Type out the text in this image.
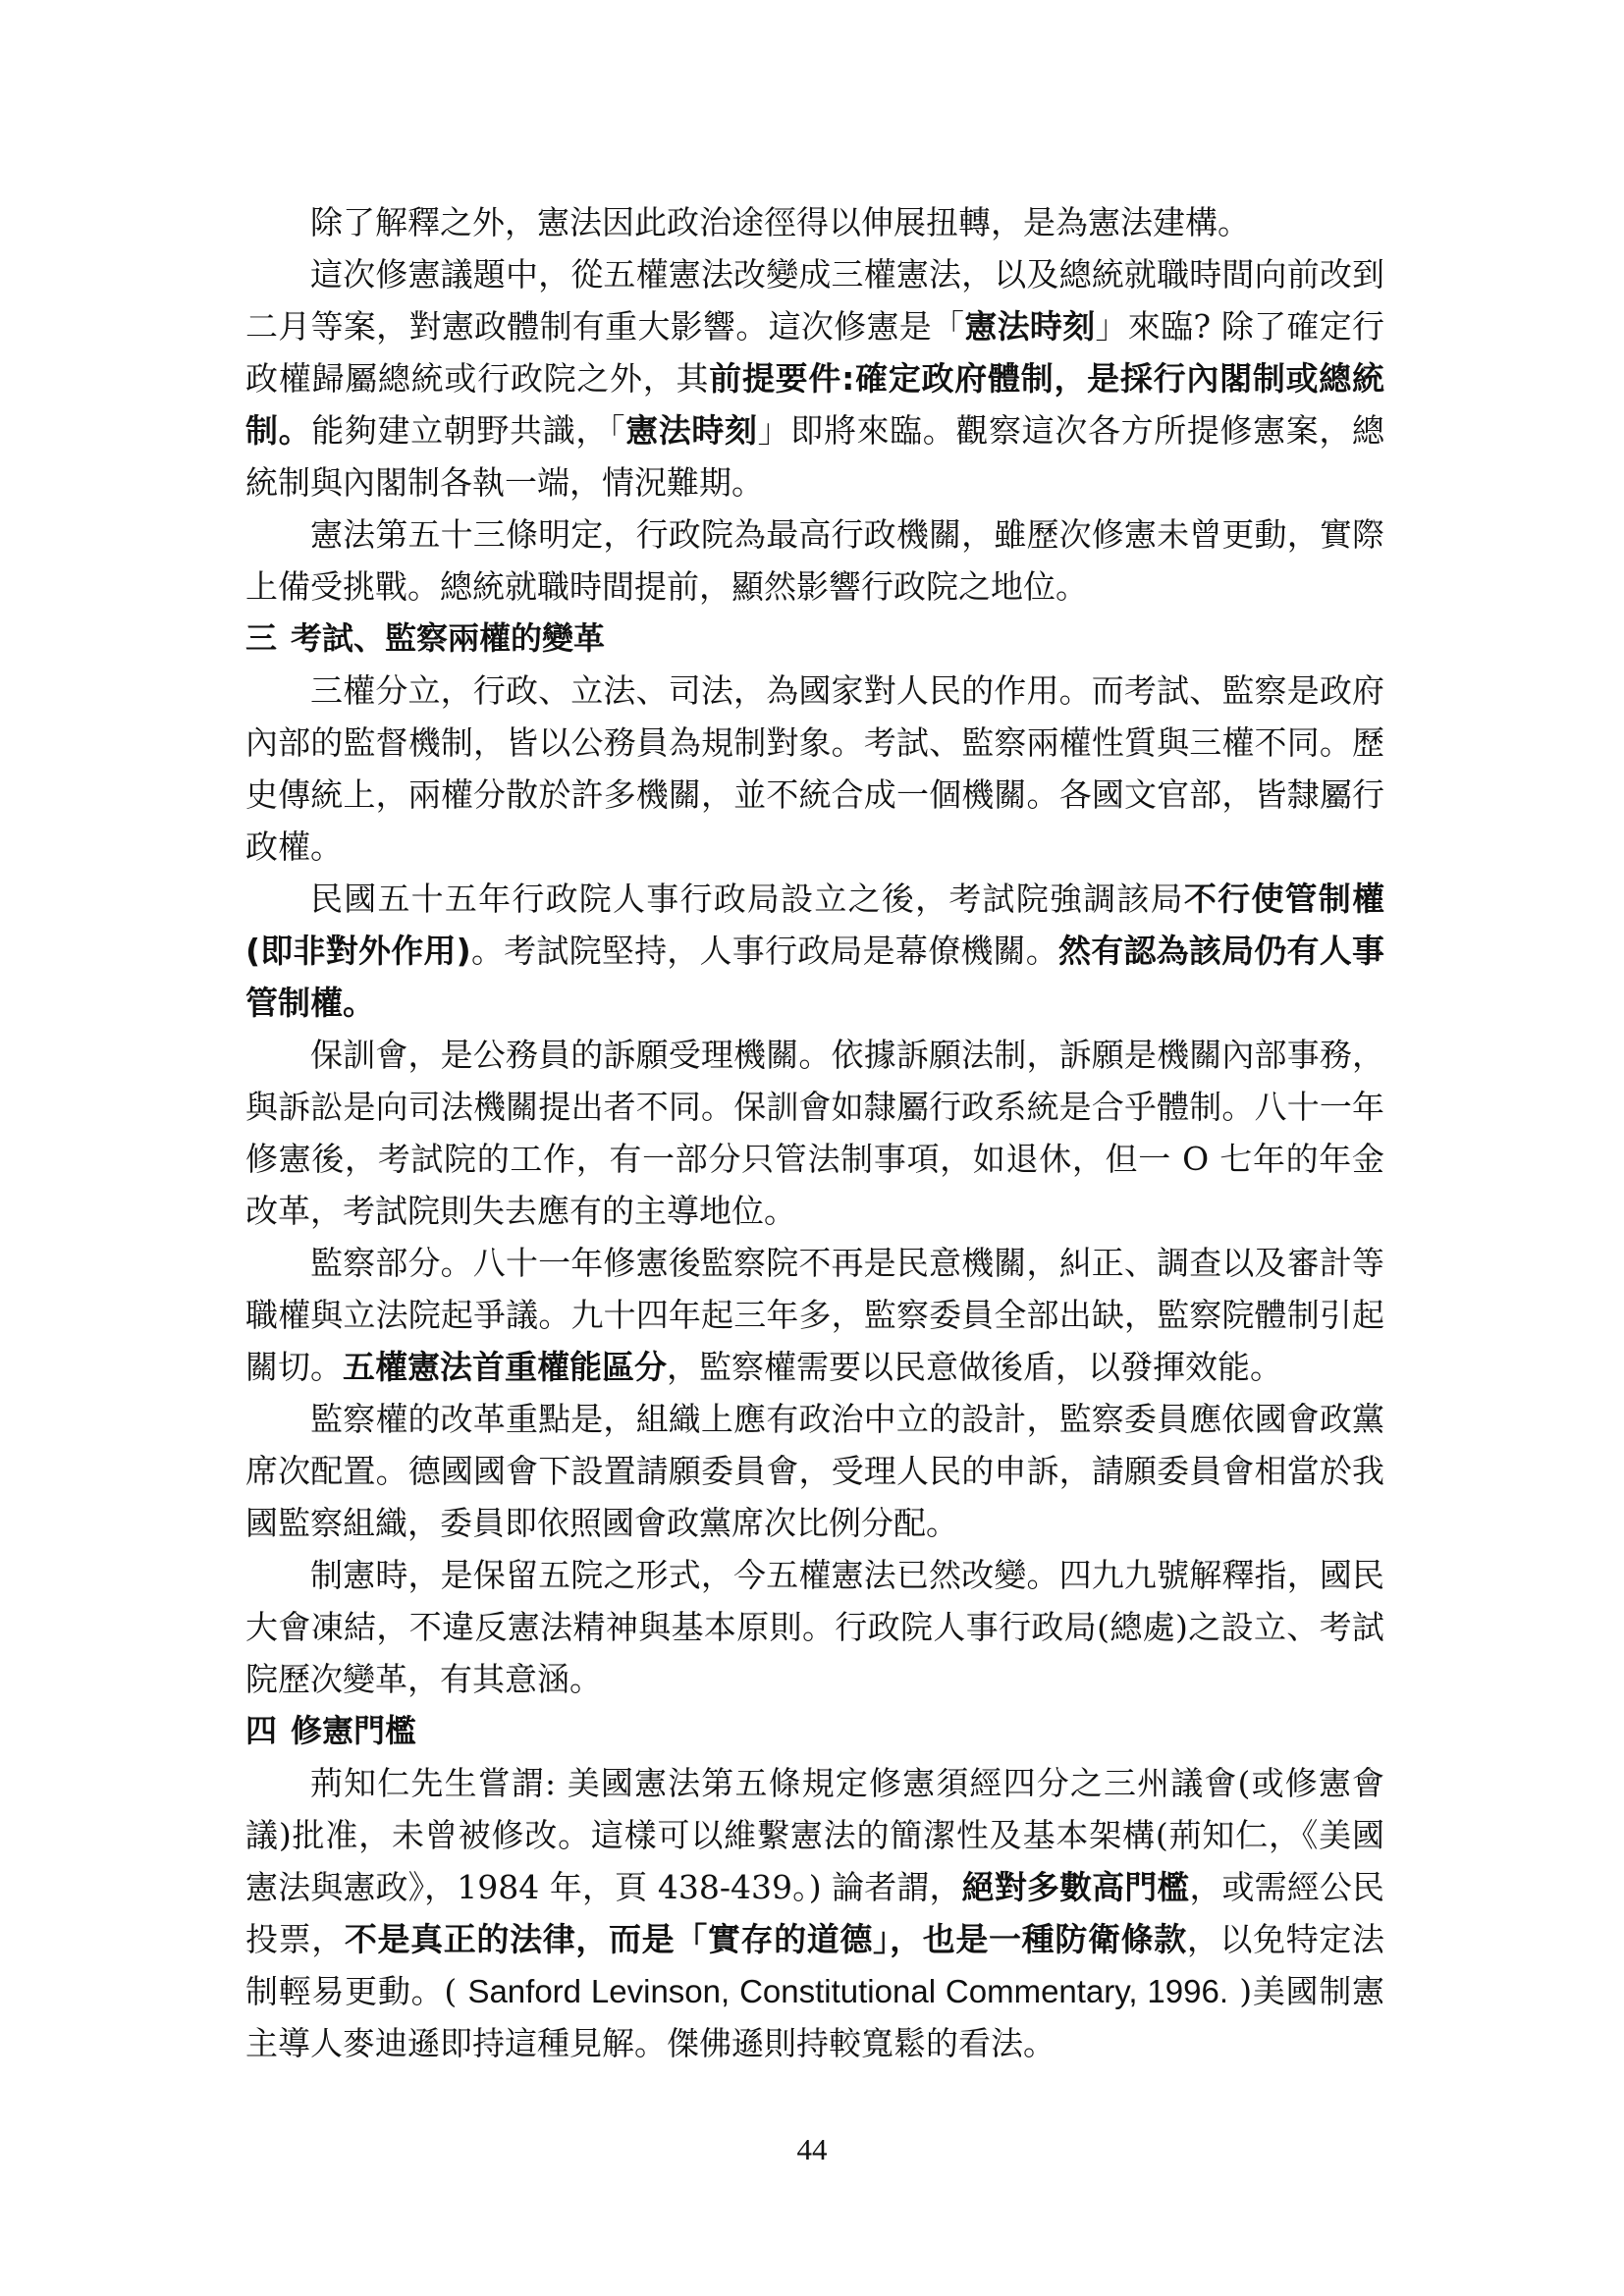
除了解釋之外，憲法因此政治途徑得以伸展扭轉，是為憲法建構。

這次修憲議題中，從五權憲法改變成三權憲法，以及總統就職時間向前改到二月等案，對憲政體制有重大影響。這次修憲是「憲法時刻」來臨? 除了確定行政權歸屬總統或行政院之外，其前提要件:確定政府體制，是採行內閣制或總統制。能夠建立朝野共識，「憲法時刻」即將來臨。觀察這次各方所提修憲案，總統制與內閣制各執一端，情況難期。

憲法第五十三條明定，行政院為最高行政機關，雖歷次修憲未曾更動，實際上備受挑戰。總統就職時間提前，顯然影響行政院之地位。

三 考試、監察兩權的變革

三權分立，行政、立法、司法，為國家對人民的作用。而考試、監察是政府內部的監督機制，皆以公務員為規制對象。考試、監察兩權性質與三權不同。歷史傳統上，兩權分散於許多機關，並不統合成一個機關。各國文官部，皆隸屬行政權。

民國五十五年行政院人事行政局設立之後，考試院強調該局不行使管制權(即非對外作用)。考試院堅持，人事行政局是幕僚機關。然有認為該局仍有人事管制權。

保訓會，是公務員的訴願受理機關。依據訴願法制，訴願是機關內部事務，與訴訟是向司法機關提出者不同。保訓會如隸屬行政系統是合乎體制。八十一年修憲後，考試院的工作，有一部分只管法制事項，如退休，但一 O 七年的年金改革，考試院則失去應有的主導地位。

監察部分。八十一年修憲後監察院不再是民意機關，糾正、調查以及審計等職權與立法院起爭議。九十四年起三年多，監察委員全部出缺，監察院體制引起關切。五權憲法首重權能區分，監察權需要以民意做後盾，以發揮效能。

監察權的改革重點是，組織上應有政治中立的設計，監察委員應依國會政黨席次配置。德國國會下設置請願委員會，受理人民的申訴，請願委員會相當於我國監察組織，委員即依照國會政黨席次比例分配。

制憲時，是保留五院之形式，今五權憲法已然改變。四九九號解釋指，國民大會凍結，不違反憲法精神與基本原則。行政院人事行政局(總處)之設立、考試院歷次變革，有其意涵。

四 修憲門檻

荊知仁先生嘗謂: 美國憲法第五條規定修憲須經四分之三州議會(或修憲會議)批准，未曾被修改。這樣可以維繫憲法的簡潔性及基本架構(荊知仁，《美國憲法與憲政》，1984 年，頁 438-439。) 論者謂，絕對多數高門檻，或需經公民投票，不是真正的法律，而是「實存的道德」，也是一種防衛條款，以免特定法制輕易更動。( Sanford Levinson, Constitutional Commentary, 1996. )美國制憲主導人麥迪遜即持這種見解。傑佛遜則持較寬鬆的看法。

44
